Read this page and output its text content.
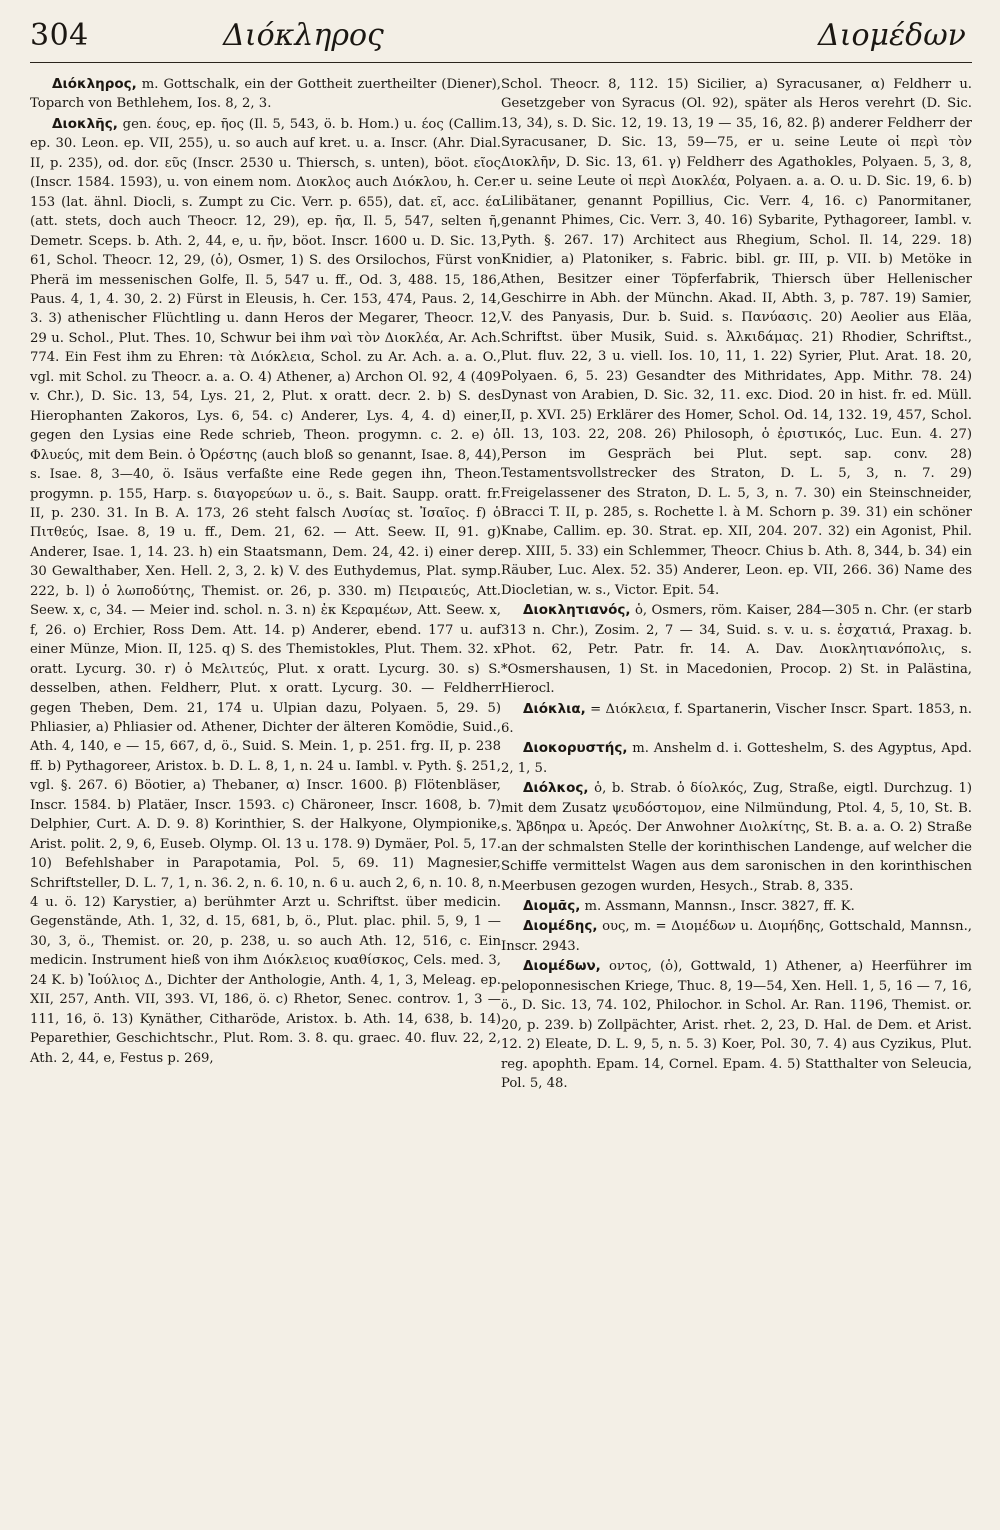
304	Διόκληρος	Διομέδων

Διόκληρος, m. Gottschalk, ein der Gottheit zuertheilter (Diener), Toparch von Bethlehem, Ios. 8, 2, 3.

Διοκλῆς, gen. έους, ep. ῆος (Il. 5, 543, ö. b. Hom.) u. έος (Callim. ep. 30. Leon. ep. VII, 255), u. so auch auf kret. u. a. Inscr. (Ahr. Dial. II, p. 235), od. dor. εῦς (Inscr. 2530 u. Thiersch, s. unten), böot. εῖος (Inscr. 1584. 1593), u. von einem nom. Διοκλος auch Διόκλου, h. Cer. 153 (lat. ähnl. Diocli, s. Zumpt zu Cic. Verr. p. 655), dat. εῖ, acc. έα (att. stets, doch auch Theocr. 12, 29), ep. ῆα, Il. 5, 547, selten ῆ, Demetr. Sceps. b. Ath. 2, 44, e, u. ῆν, böot. Inscr. 1600 u. D. Sic. 13, 61, Schol. Theocr. 12, 29, (ὁ), Osmer, 1) S. des Orsilochos, Fürst von Pherä im messenischen Golfe, Il. 5, 547 u. ff., Od. 3, 488. 15, 186, Paus. 4, 1, 4. 30, 2. 2) Fürst in Eleusis, h. Cer. 153, 474, Paus. 2, 14, 3. 3) athenischer Flüchtling u. dann Heros der Megarer, Theocr. 12, 29 u. Schol., Plut. Thes. 10, Schwur bei ihm ναὶ τὸν Διοκλέα, Ar. Ach. 774. Ein Fest ihm zu Ehren: τὰ Διόκλεια, Schol. zu Ar. Ach. a. a. O., vgl. mit Schol. zu Theocr. a. a. O. 4) Athener, a) Archon Ol. 92, 4 (409 v. Chr.), D. Sic. 13, 54, Lys. 21, 2, Plut. x oratt. decr. 2. b) S. des Hierophanten Zakoros, Lys. 6, 54. c) Anderer, Lys. 4, 4. d) einer, gegen den Lysias eine Rede schrieb, Theon. progymn. c. 2. e) ὁ Φλυεύς, mit dem Bein. ὁ Ὀρέστης (auch bloß so genannt, Isae. 8, 44), s. Isae. 8, 3—40, ö. Isäus verfaßte eine Rede gegen ihn, Theon. progymn. p. 155, Harp. s. διαγορεύων u. ö., s. Bait. Saupp. oratt. fr. II, p. 230. 31. In B. A. 173, 26 steht falsch Λυσίας st. Ἰσαῖος. f) ὁ Πιτθεύς, Isae. 8, 19 u. ff., Dem. 21, 62. — Att. Seew. II, 91. g) Anderer, Isae. 1, 14. 23. h) ein Staatsmann, Dem. 24, 42. i) einer der 30 Gewalthaber, Xen. Hell. 2, 3, 2. k) V. des Euthydemus, Plat. symp. 222, b. l) ὁ λωποδύτης, Themist. or. 26, p. 330. m) Πειραιεύς, Att. Seew. x, c, 34. — Meier ind. schol. n. 3. n) ἐκ Κεραμέων, Att. Seew. x, f, 26. o) Erchier, Ross Dem. Att. 14. p) Anderer, ebend. 177 u. auf einer Münze, Mion. II, 125. q) S. des Themistokles, Plut. Them. 32. x oratt. Lycurg. 30. r) ὁ Μελιτεύς, Plut. x oratt. Lycurg. 30. s) S. desselben, athen. Feldherr, Plut. x oratt. Lycurg. 30. — Feldherr gegen Theben, Dem. 21, 174 u. Ulpian dazu, Polyaen. 5, 29. 5) Phliasier, a) Phliasier od. Athener, Dichter der älteren Komödie, Suid., Ath. 4, 140, e — 15, 667, d, ö., Suid. S. Mein. 1, p. 251. frg. II, p. 238 ff. b) Pythagoreer, Aristox. b. D. L. 8, 1, n. 24 u. Iambl. v. Pyth. §. 251, vgl. §. 267. 6) Böotier, a) Thebaner, α) Inscr. 1600. β) Flötenbläser, Inscr. 1584. b) Platäer, Inscr. 1593. c) Chäroneer, Inscr. 1608, b. 7) Delphier, Curt. A. D. 9. 8) Korinthier, S. der Halkyone, Olympionike, Arist. polit. 2, 9, 6, Euseb. Olymp. Ol. 13 u. 178. 9) Dymäer, Pol. 5, 17. 10) Befehlshaber in Parapotamia, Pol. 5, 69. 11) Magnesier, Schriftsteller, D. L. 7, 1, n. 36. 2, n. 6. 10, n. 6 u. auch 2, 6, n. 10. 8, n. 4 u. ö. 12) Karystier, a) berühmter Arzt u. Schriftst. über medicin. Gegenstände, Ath. 1, 32, d. 15, 681, b, ö., Plut. plac. phil. 5, 9, 1 — 30, 3, ö., Themist. or. 20, p. 238, u. so auch Ath. 12, 516, c. Ein medicin. Instrument hieß von ihm Διόκλειος κυαθίσκος, Cels. med. 3, 24 K. b) Ἰούλιος Δ., Dichter der Anthologie, Anth. 4, 1, 3, Meleag. ep. XII, 257, Anth. VII, 393. VI, 186, ö. c) Rhetor, Senec. controv. 1, 3 — 111, 16, ö. 13) Kynäther, Citharöde, Aristox. b. Ath. 14, 638, b. 14) Peparethier, Geschichtschr., Plut. Rom. 3. 8. qu. graec. 40. fluv. 22, 2, Ath. 2, 44, e, Festus p. 269,

Schol. Theocr. 8, 112. 15) Sicilier, a) Syracusaner, α) Feldherr u. Gesetzgeber von Syracus (Ol. 92), später als Heros verehrt (D. Sic. 13, 34), s. D. Sic. 12, 19. 13, 19 — 35, 16, 82. β) anderer Feldherr der Syracusaner, D. Sic. 13, 59—75, er u. seine Leute οἱ περὶ τὸν Διοκλῆν, D. Sic. 13, 61. γ) Feldherr des Agathokles, Polyaen. 5, 3, 8, er u. seine Leute οἱ περὶ Διοκλέα, Polyaen. a. a. O. u. D. Sic. 19, 6. b) Lilibätaner, genannt Popillius, Cic. Verr. 4, 16. c) Panormitaner, genannt Phimes, Cic. Verr. 3, 40. 16) Sybarite, Pythagoreer, Iambl. v. Pyth. §. 267. 17) Architect aus Rhegium, Schol. Il. 14, 229. 18) Knidier, a) Platoniker, s. Fabric. bibl. gr. III, p. VII. b) Metöke in Athen, Besitzer einer Töpferfabrik, Thiersch über Hellenischer Geschirre in Abh. der Münchn. Akad. II, Abth. 3, p. 787. 19) Samier, V. des Panyasis, Dur. b. Suid. s. Πανύασις. 20) Aeolier aus Eläa, Schriftst. über Musik, Suid. s. Ἀλκιδάμας. 21) Rhodier, Schriftst., Plut. fluv. 22, 3 u. viell. Ios. 10, 11, 1. 22) Syrier, Plut. Arat. 18. 20, Polyaen. 6, 5. 23) Gesandter des Mithridates, App. Mithr. 78. 24) Dynast von Arabien, D. Sic. 32, 11. exc. Diod. 20 in hist. fr. ed. Müll. II, p. XVI. 25) Erklärer des Homer, Schol. Od. 14, 132. 19, 457, Schol. Il. 13, 103. 22, 208. 26) Philosoph, ὁ ἐριστικός, Luc. Eun. 4. 27) Person im Gespräch bei Plut. sept. sap. conv. 28) Testamentsvollstrecker des Straton, D. L. 5, 3, n. 7. 29) Freigelassener des Straton, D. L. 5, 3, n. 7. 30) ein Steinschneider, Bracci T. II, p. 285, s. Rochette l. à M. Schorn p. 39. 31) ein schöner Knabe, Callim. ep. 30. Strat. ep. XII, 204. 207. 32) ein Agonist, Phil. ep. XIII, 5. 33) ein Schlemmer, Theocr. Chius b. Ath. 8, 344, b. 34) ein Räuber, Luc. Alex. 52. 35) Anderer, Leon. ep. VII, 266. 36) Name des Diocletian, w. s., Victor. Epit. 54.

Διοκλητιανός, ὁ, Osmers, röm. Kaiser, 284—305 n. Chr. (er starb 313 n. Chr.), Zosim. 2, 7 — 34, Suid. s. v. u. s. ἐσχατιά, Praxag. b. Phot. 62, Petr. Patr. fr. 14. A. Dav. Διοκλητιανόπολις, s. *Osmershausen, 1) St. in Macedonien, Procop. 2) St. in Palästina, Hierocl.

Διόκλια, = Διόκλεια, f. Spartanerin, Vischer Inscr. Spart. 1853, n. 6.

Διοκορυστής, m. Anshelm d. i. Gotteshelm, S. des Agyptus, Apd. 2, 1, 5.

Διόλκος, ὁ, b. Strab. ὁ δίολκός, Zug, Straße, eigtl. Durchzug. 1) mit dem Zusatz ψευδόστομον, eine Nilmündung, Ptol. 4, 5, 10, St. B. s. Ἄβδηρα u. Ἀρεός. Der Anwohner Διολκίτης, St. B. a. a. O. 2) Straße an der schmalsten Stelle der korinthischen Landenge, auf welcher die Schiffe vermittelst Wagen aus dem saronischen in den korinthischen Meerbusen gezogen wurden, Hesych., Strab. 8, 335.

Διομᾶς, m. Assmann, Mannsn., Inscr. 3827, ff. K.

Διομέδης, ους, m. = Διομέδων u. Διομήδης, Gottschald, Mannsn., Inscr. 2943.

Διομέδων, οντος, (ὁ), Gottwald, 1) Athener, a) Heerführer im peloponnesischen Kriege, Thuc. 8, 19—54, Xen. Hell. 1, 5, 16 — 7, 16, ö., D. Sic. 13, 74. 102, Philochor. in Schol. Ar. Ran. 1196, Themist. or. 20, p. 239. b) Zollpächter, Arist. rhet. 2, 23, D. Hal. de Dem. et Arist. 12. 2) Eleate, D. L. 9, 5, n. 5. 3) Koer, Pol. 30, 7. 4) aus Cyzikus, Plut. reg. apophth. Epam. 14, Cornel. Epam. 4. 5) Statthalter von Seleucia, Pol. 5, 48.
